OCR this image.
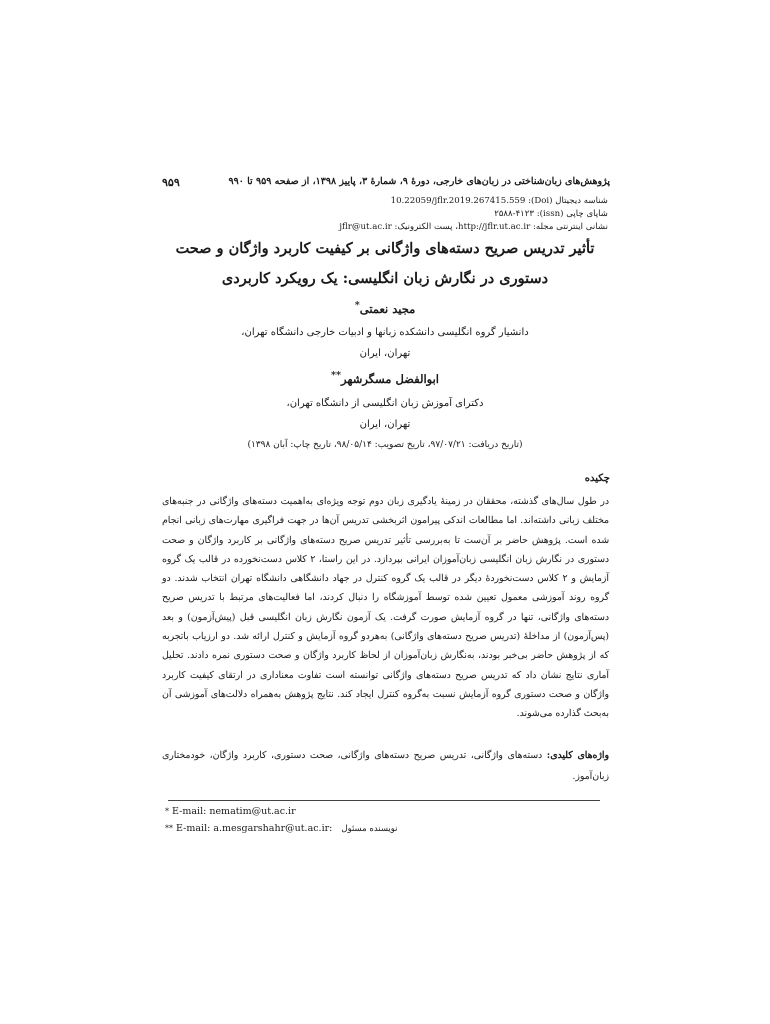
پژوهش‌های زبان‌شناختی در زبان‌های خارجی، دورهٔ ۹، شمارهٔ ۳، پاییز ۱۳۹۸، از صفحه ۹۵۹ تا ۹۹۰
۹۵۹
شناسه دیجیتال (Doi): 10.22059/jflr.2019.267415.559
شاپای چاپی (issn): ۲۵۸۸-۴۱۲۳
نشانی اینترنتی مجله: http://jflr.ut.ac.ir، پست الکترونیک: jflr@ut.ac.ir
تأثیر تدریس صریح دسته‌های واژگانی بر کیفیت کاربرد واژگان و صحت
دستوری در نگارش زبان انگلیسی: یک رویکرد کاربردی
مجید نعمتی*
دانشیار گروه انگلیسی دانشکده زبانها و ادبیات خارجی دانشگاه تهران،
تهران، ایران
ابوالفضل مسگرشهر**
دکترای آموزش زبان انگلیسی از دانشگاه تهران،
تهران، ایران
(تاریخ دریافت: ۹۷/۰۷/۲۱، تاریخ تصویب: ۹۸/۰۵/۱۴، تاریخ چاپ: آبان ۱۳۹۸)
چکیده
در طول سال‌های گذشته، محققان در زمینهٔ یادگیری زبان دوم توجه ویژه‌ای به‌اهمیت دسته‌های واژگانی در جنبه‌های مختلف زبانی داشته‌اند. اما مطالعات اندکی پیرامون اثربخشی تدریس آن‌ها در جهت فراگیری مهارت‌های زبانی انجام شده است. پژوهش حاضر بر آن‌ست تا به‌بررسی تأثیر تدریس صریح دسته‌های واژگانی بر کاربرد واژگان و صحت دستوری در نگارش زبان انگلیسی زبان‌آموزان ایرانی بپردازد. در این راستا، ۲ کلاس دست‌نخورده در قالب یک گروه آزمایش و ۲ کلاس دست‌نخوردهٔ دیگر در قالب یک گروه کنترل در جهاد دانشگاهی دانشگاه تهران انتخاب شدند. دو گروه روند آموزشی معمول تعیین شده توسط آموزشگاه را دنبال کردند، اما فعالیت‌های مرتبط با تدریس صریح دسته‌های واژگانی، تنها در گروه آزمایش صورت گرفت. یک آزمون نگارش زبان انگلیسی قبل (پیش‌آزمون) و بعد (پس‌آزمون) از مداخلهٔ (تدریس صریح دسته‌های واژگانی) به‌هردو گروه آزمایش و کنترل ارائه شد. دو ارزیاب باتجربه که از پژوهش حاضر بی‌خبر بودند، به‌نگارش زبان‌آموزان از لحاظ کاربرد واژگان و صحت دستوری نمره دادند. تحلیل آماری نتایج نشان داد که تدریس صریح دسته‌های واژگانی توانسته است تفاوت معناداری در ارتقای کیفیت کاربرد واژگان و صحت دستوری گروه آزمایش نسبت به‌گروه کنترل ایجاد کند. نتایج پژوهش به‌همراه دلالت‌های آموزشی آن به‌بحث گذارده می‌شوند.
واژه‌های کلیدی: دسته‌های واژگانی، تدریس صریح دسته‌های واژگانی، صحت دستوری، کاربرد واژگان، خودمختاری زبان‌آموز.
* E-mail: nematim@ut.ac.ir
** E-mail: a.mesgarshahr@ut.ac.ir: نویسنده مسئول
